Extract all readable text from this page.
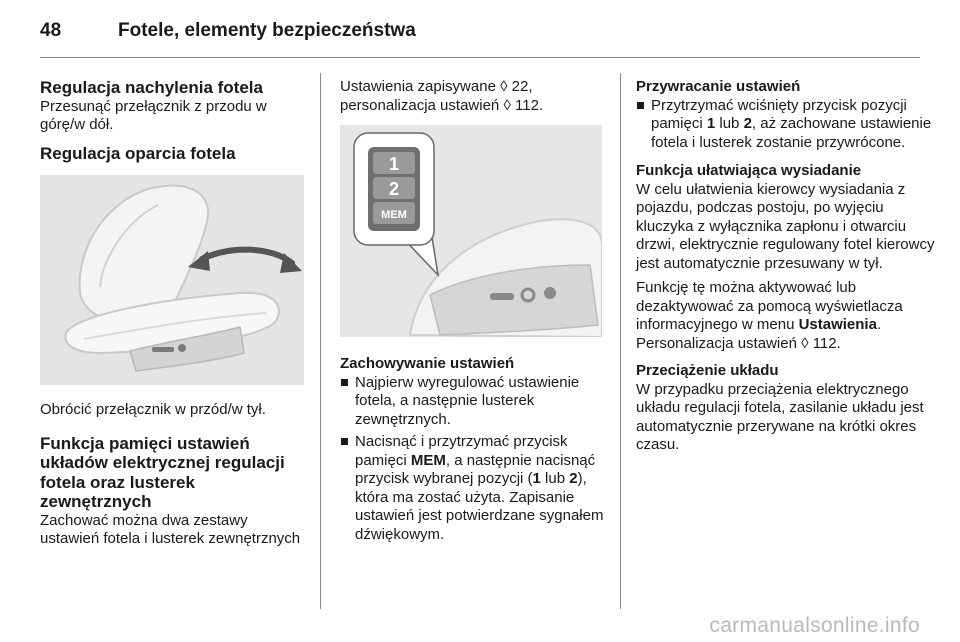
48	Fotele, elementy bezpieczeństwa

Regulacja nachylenia fotela

Przesunąć przełącznik z przodu w górę/w dół.

Regulacja oparcia fotela

Obrócić przełącznik w przód/w tył.

Funkcja pamięci ustawień układów elektrycznej regulacji fotela oraz lusterek zewnętrznych

Zachować można dwa zestawy ustawień fotela i lusterek zewnętrznych

Ustawienia zapisywane ◊ 22, personalizacja ustawień ◊ 112.

1
2
MEM

Zachowywanie ustawień

Najpierw wyregulować ustawienie fotela, a następnie lusterek zewnętrznych.
Nacisnąć i przytrzymać przycisk pamięci MEM, a następnie nacisnąć przycisk wybranej pozycji (1 lub 2), która ma zostać użyta. Zapisanie ustawień jest potwierdzane sygnałem dźwiękowym.

Przywracanie ustawień

Przytrzymać wciśnięty przycisk pozycji pamięci 1 lub 2, aż zachowane ustawienie fotela i lusterek zostanie przywrócone.

Funkcja ułatwiająca wysiadanie

W celu ułatwienia kierowcy wysiadania z pojazdu, podczas postoju, po wyjęciu kluczyka z wyłącznika zapłonu i otwarciu drzwi, elektrycznie regulowany fotel kierowcy jest automatycznie przesuwany w tył.

Funkcję tę można aktywować lub dezaktywować za pomocą wyświetlacza informacyjnego w menu Ustawienia. Personalizacja ustawień ◊ 112.

Przeciążenie układu

W przypadku przeciążenia elektrycznego układu regulacji fotela, zasilanie układu jest automatycznie przerywane na krótki okres czasu.

carmanualsonline.info
